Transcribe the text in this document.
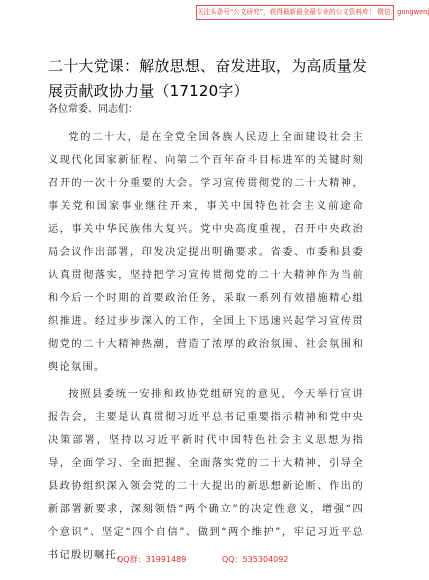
关注头条号“公文研究”，获得最新最全最专业的公文资料库！ 微信：gongwenj
二十大党课：解放思想、奋发进取，为高质量发展贡献政协力量（17120字）
各位常委、同志们：

党的二十大，是在全党全国各族人民迈上全面建设社会主义现代化国家新征程、向第二个百年奋斗目标进军的关键时刻召开的一次十分重要的大会。学习宣传贯彻党的二十大精神，事关党和国家事业继往开来，事关中国特色社会主义前途命运，事关中华民族伟大复兴。党中央高度重视，召开中央政治局会议作出部署，印发决定提出明确要求。省委、市委和县委认真贯彻落实，坚持把学习宣传贯彻党的二十大精神作为当前和今后一个时期的首要政治任务，采取一系列有效措施精心组织推进。经过步步深入的工作，全国上下迅速兴起学习宣传贯彻党的二十大精神热潮，营造了浓厚的政治氛围、社会氛围和舆论氛围。

按照县委统一安排和政协党组研究的意见，今天举行宣讲报告会，主要是认真贯彻习近平总书记重要指示精神和党中央决策部署，坚持以习近平新时代中国特色社会主义思想为指导，全面学习、全面把握、全面落实党的二十大精神，引导全县政协组织深入领会党的二十大提出的新思想新论断、作出的新部署新要求，深刻领悟“两个确立”的决定性意义，增强“四个意识”、坚定“四个自信”、做到“两个维护”，牢记习近平总书记殷切嘱托，

QQ群：31991489	QQ：535304092
